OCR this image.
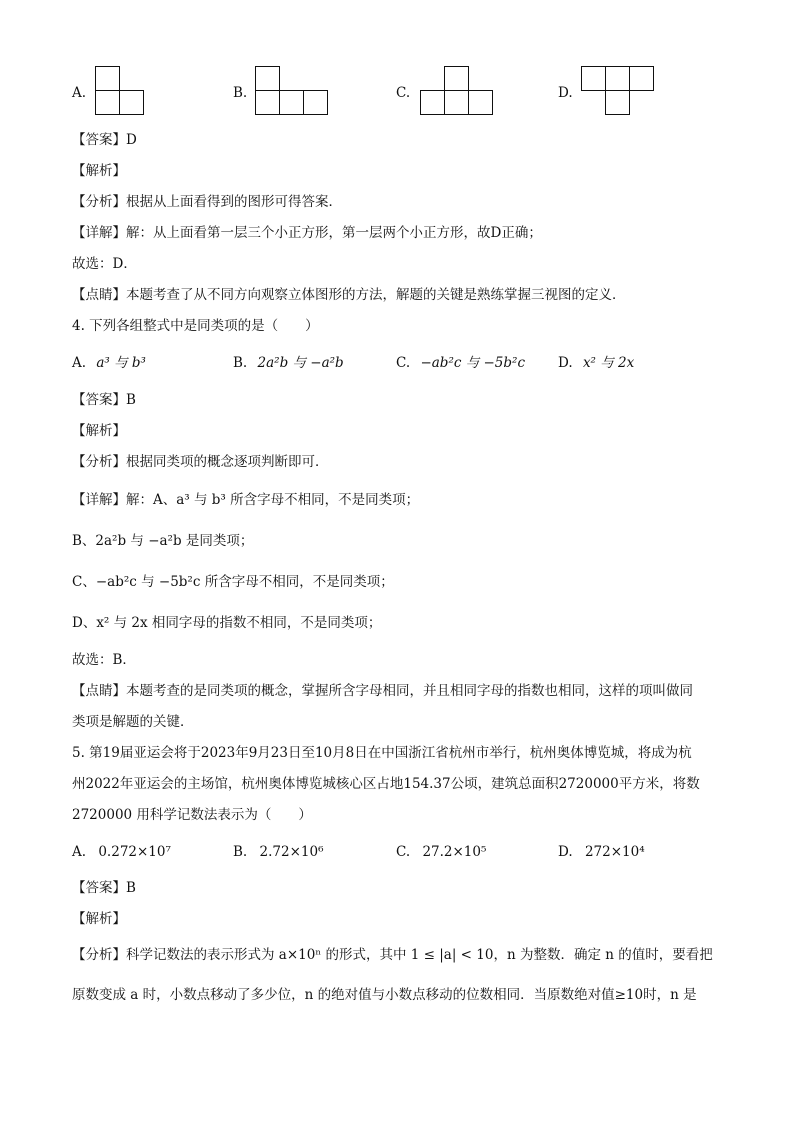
A.	B.	C.	D.
【答案】D
【解析】
【分析】根据从上面看得到的图形可得答案．
【详解】解：从上面看第一层三个小正方形，第一层两个小正方形，故D正确；
故选：D．
【点睛】本题考查了从不同方向观察立体图形的方法，解题的关键是熟练掌握三视图的定义．
4. 下列各组整式中是同类项的是（　　）
A. a³ 与 b³	B. 2a²b 与 −a²b	C. −ab²c 与 −5b²c D. x² 与 2x
【答案】B
【解析】
【分析】根据同类项的概念逐项判断即可．
【详解】解：A、a³ 与 b³ 所含字母不相同，不是同类项；
B、2a²b 与 −a²b 是同类项；
C、−ab²c 与 −5b²c 所含字母不相同，不是同类项；
D、x² 与 2x 相同字母的指数不相同，不是同类项；
故选：B．
【点睛】本题考查的是同类项的概念，掌握所含字母相同，并且相同字母的指数也相同，这样的项叫做同
类项是解题的关键．
5. 第19届亚运会将于2023年9月23日至10月8日在中国浙江省杭州市举行，杭州奥体博览城，将成为杭
州2022年亚运会的主场馆，杭州奥体博览城核心区占地154.37公顷，建筑总面积2720000平方米，将数
2720000 用科学记数法表示为（　　）
A. 0.272×10⁷	B. 2.72×10⁶	C. 27.2×10⁵	D. 272×10⁴
【答案】B
【解析】
【分析】科学记数法的表示形式为 a×10ⁿ 的形式，其中 1 ≤ |a| < 10，n 为整数．确定 n 的值时，要看把
原数变成 a 时，小数点移动了多少位，n 的绝对值与小数点移动的位数相同．当原数绝对值≥10时，n 是
